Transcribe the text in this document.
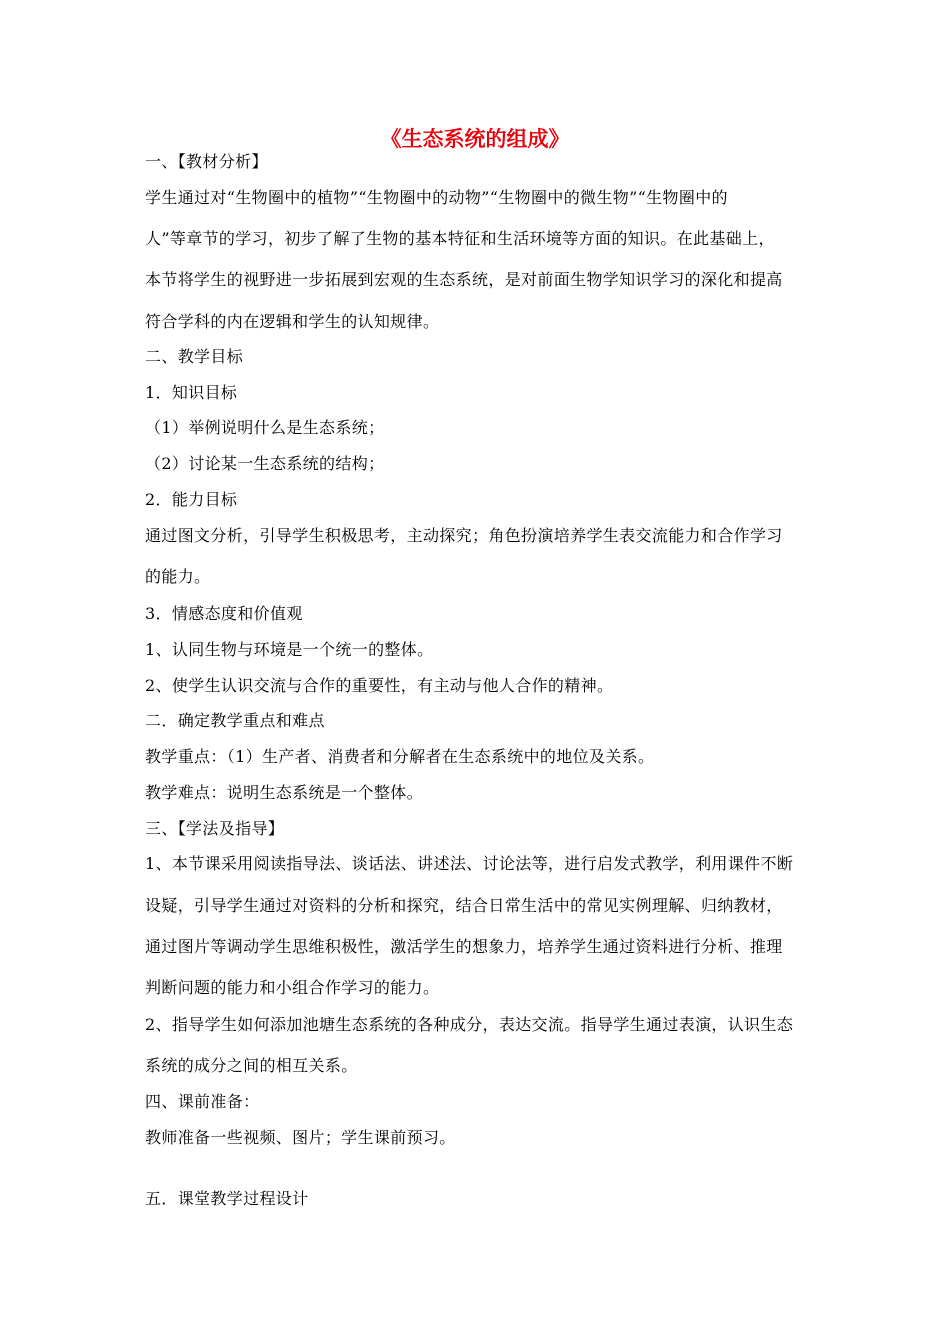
《生态系统的组成》
一、【教材分析】
学生通过对“生物圈中的植物”“生物圈中的动物”“生物圈中的微生物”“生物圈中的
人”等章节的学习，初步了解了生物的基本特征和生活环境等方面的知识。在此基础上，
本节将学生的视野进一步拓展到宏观的生态系统，是对前面生物学知识学习的深化和提高
符合学科的内在逻辑和学生的认知规律。
二、教学目标
1．知识目标
（1）举例说明什么是生态系统；
（2）讨论某一生态系统的结构；
2．能力目标
通过图文分析，引导学生积极思考，主动探究；角色扮演培养学生表交流能力和合作学习
的能力。
3．情感态度和价值观
1、认同生物与环境是一个统一的整体。
2、使学生认识交流与合作的重要性，有主动与他人合作的精神。
二．确定教学重点和难点
教学重点：（1）生产者、消费者和分解者在生态系统中的地位及关系。
教学难点：说明生态系统是一个整体。
三、【学法及指导】
1、本节课采用阅读指导法、谈话法、讲述法、讨论法等，进行启发式教学，利用课件不断
设疑，引导学生通过对资料的分析和探究，结合日常生活中的常见实例理解、归纳教材，
通过图片等调动学生思维积极性，激活学生的想象力，培养学生通过资料进行分析、推理
判断问题的能力和小组合作学习的能力。
2、指导学生如何添加池塘生态系统的各种成分，表达交流。指导学生通过表演，认识生态
系统的成分之间的相互关系。
四、课前准备：
教师准备一些视频、图片；学生课前预习。
五．课堂教学过程设计
